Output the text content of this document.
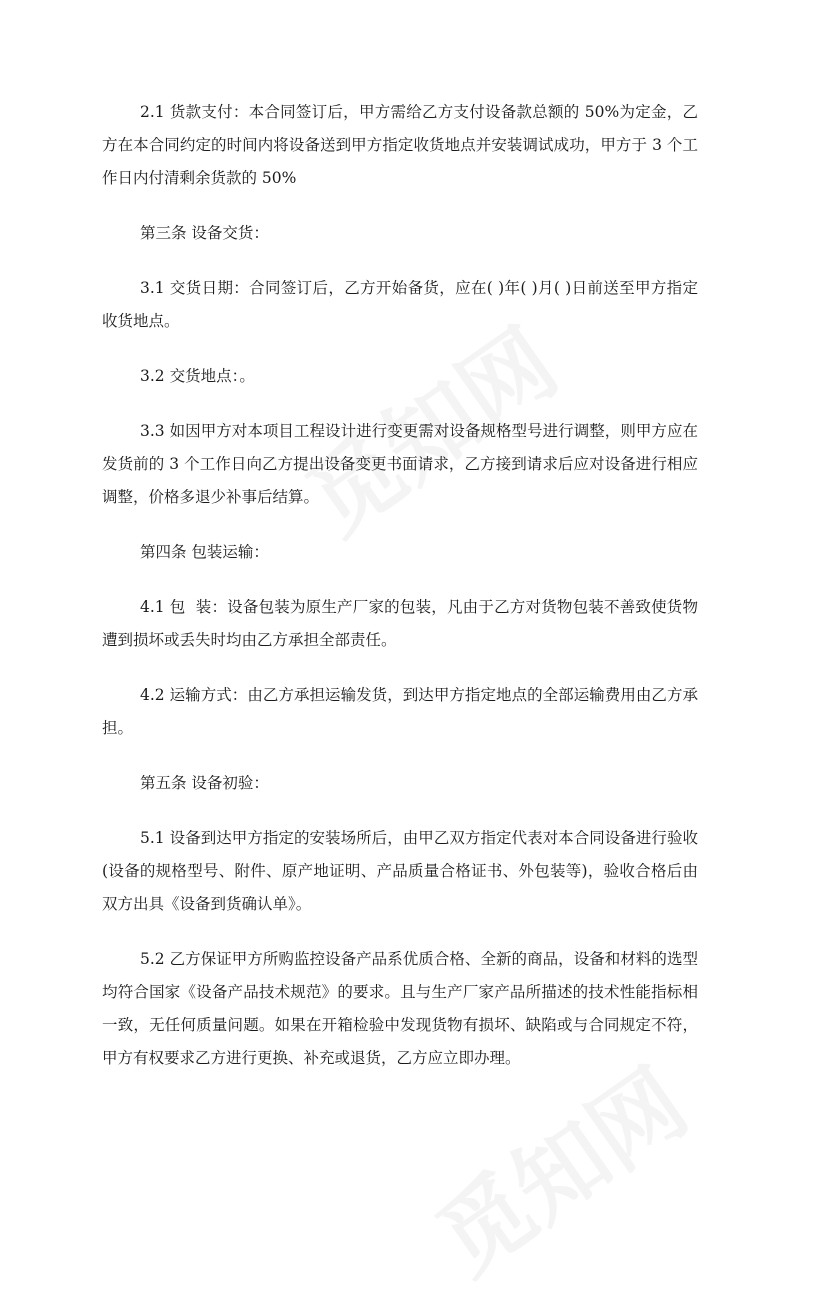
2.1 货款支付：本合同签订后，甲方需给乙方支付设备款总额的 50%为定金，乙方在本合同约定的时间内将设备送到甲方指定收货地点并安装调试成功，甲方于 3 个工作日内付清剩余货款的 50%

第三条 设备交货：

3.1 交货日期：合同签订后，乙方开始备货，应在( )年( )月( )日前送至甲方指定收货地点。

3.2 交货地点：。

3.3 如因甲方对本项目工程设计进行变更需对设备规格型号进行调整，则甲方应在发货前的 3 个工作日向乙方提出设备变更书面请求，乙方接到请求后应对设备进行相应调整，价格多退少补事后结算。

第四条 包装运输：

4.1 包  装：设备包装为原生产厂家的包装，凡由于乙方对货物包装不善致使货物遭到损坏或丢失时均由乙方承担全部责任。

4.2 运输方式：由乙方承担运输发货，到达甲方指定地点的全部运输费用由乙方承担。

第五条 设备初验：

5.1 设备到达甲方指定的安装场所后，由甲乙双方指定代表对本合同设备进行验收(设备的规格型号、附件、原产地证明、产品质量合格证书、外包装等)，验收合格后由双方出具《设备到货确认单》。

5.2 乙方保证甲方所购监控设备产品系优质合格、全新的商品，设备和材料的选型均符合国家《设备产品技术规范》的要求。且与生产厂家产品所描述的技术性能指标相一致，无任何质量问题。如果在开箱检验中发现货物有损坏、缺陷或与合同规定不符，甲方有权要求乙方进行更换、补充或退货，乙方应立即办理。
